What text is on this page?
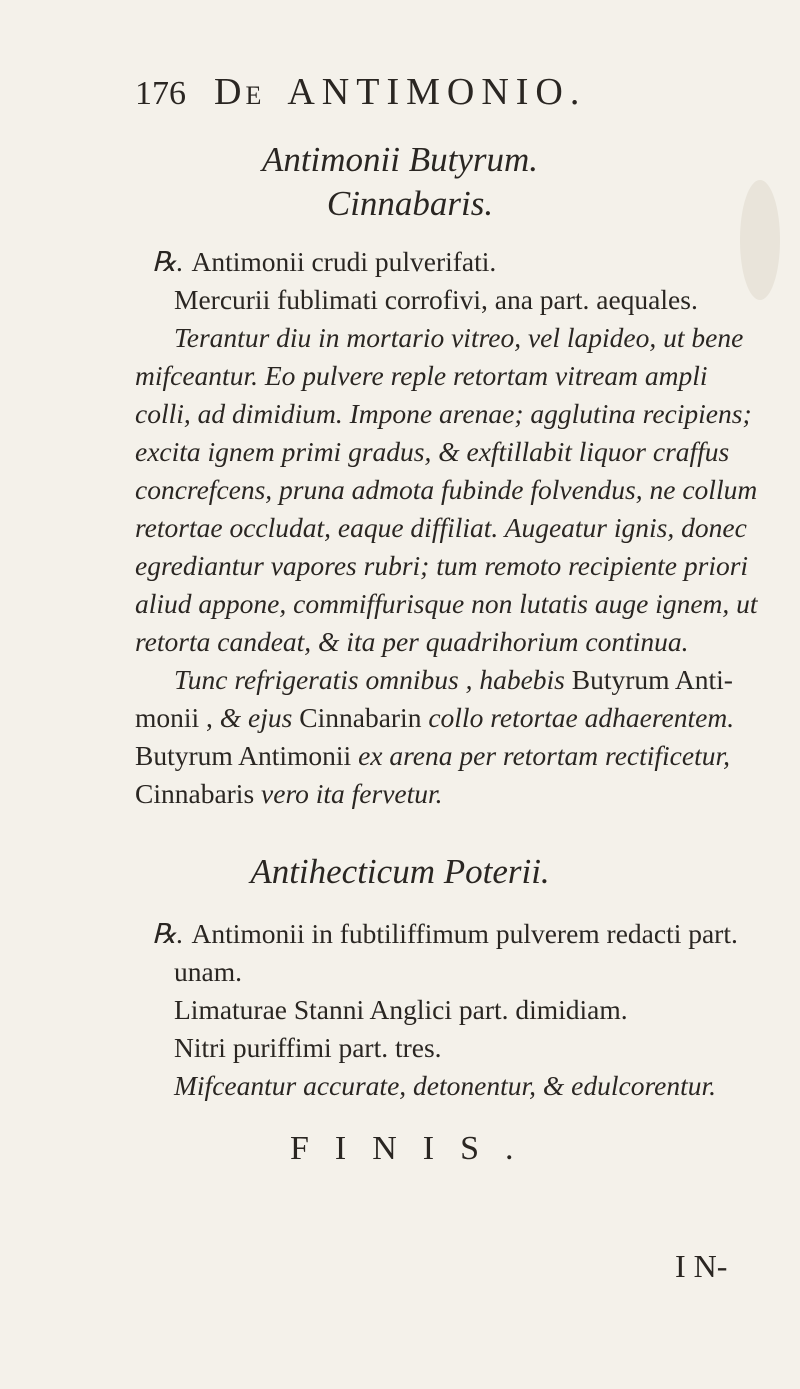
176 DE ANTIMONIO.
Antimonii Butyrum.
Cinnabaris.
℞. Antimonii crudi pulverifati.
Mercurii fublimati corrofivi, ana part. aequales.
Terantur diu in mortario vitreo, vel lapideo, ut bene
mifceantur. Eo pulvere reple retortam vitream ampli
colli, ad dimidium. Impone arenae; agglutina recipiens;
excita ignem primi gradus, & exftillabit liquor craffus
concrefcens, pruna admota fubinde folvendus, ne collum
retortae occludat, eaque diffiliat. Augeatur ignis, donec
egrediantur vapores rubri; tum remoto recipiente priori
aliud appone, commiffurisque non lutatis auge ignem, ut
retorta candeat, & ita per quadrihorium continua.
Tunc refrigeratis omnibus , habebis Butyrum Anti-
monii , & ejus Cinnabarin collo retortae adhaerentem.
Butyrum Antimonii ex arena per retortam rectificetur,
Cinnabaris vero ita fervetur.
Antihecticum Poterii.
℞. Antimonii in fubtiliffimum pulverem redacti part.
unam.
Limaturae Stanni Anglici part. dimidiam.
Nitri puriffimi part. tres.
Mifceantur accurate, detonentur, & edulcorentur.
FINIS.
I N-
